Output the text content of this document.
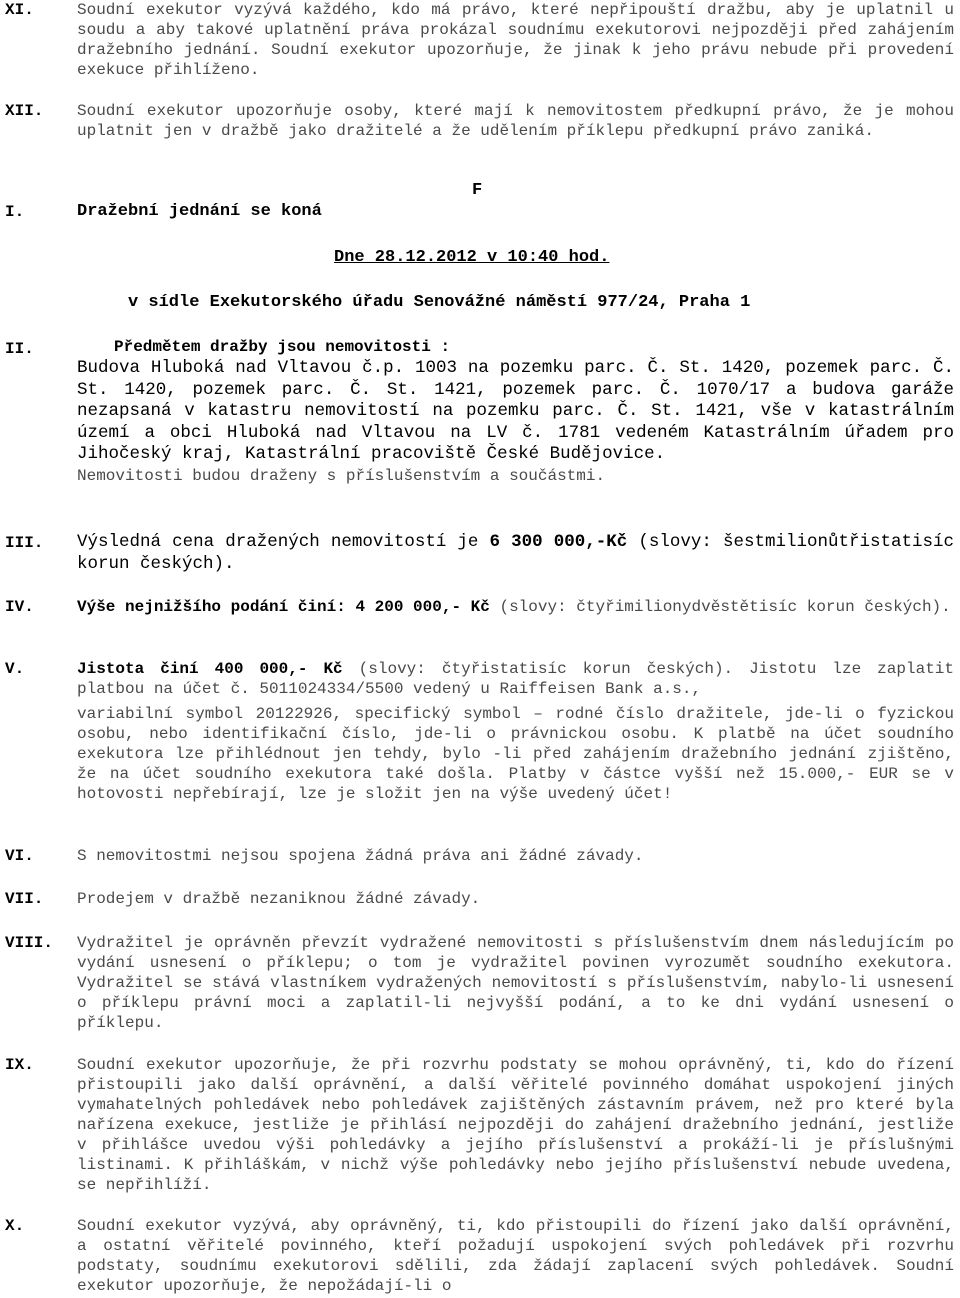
XI.	Soudní exekutor vyzývá každého, kdo má právo, které nepřipouští dražbu, aby je uplatnil u soudu a aby takové uplatnění práva prokázal soudnímu exekutorovi nejpozději před zahájením dražebního jednání. Soudní exekutor upozorňuje, že jinak k jeho právu nebude při provedení exekuce přihlíženo.
XII. Soudní exekutor upozorňuje osoby, které mají k nemovitostem předkupní právo, že je mohou uplatnit jen v dražbě jako dražitelé a že udělením příklepu předkupní právo zaniká.
F
I.	Dražební jednání se koná
Dne 28.12.2012 v 10:40 hod.
v sídle Exekutorského úřadu Senovážné náměstí 977/24, Praha 1
II.	Předmětem dražby jsou nemovitosti :
Budova Hluboká nad Vltavou č.p. 1003 na pozemku parc. Č. St. 1420, pozemek parc. Č. St. 1420, pozemek parc. Č. St. 1421, pozemek parc. Č. 1070/17 a budova garáže nezapsaná v katastru nemovitostí na pozemku parc. Č. St. 1421, vše v katastrálním území a obci Hluboká nad Vltavou na LV č. 1781 vedeném Katastrálním úřadem pro Jihočeský kraj, Katastrální pracoviště České Budějovice.
Nemovitosti budou draženy s příslušenstvím a součástmi.
III. Výsledná cena dražených nemovitostí je 6 300 000,-Kč (slovy: šestmilionůtřistatisíc korun českých).
IV.	Výše nejnižšího podání činí: 4 200 000,- Kč (slovy: čtyřimilionydvěstětisíc korun českých).
V.	Jistota činí 400 000,- Kč (slovy: čtyřistatisíc korun českých). Jistotu lze zaplatit platbou na účet č. 5011024334/5500 vedený u Raiffeisen Bank a.s.,
variabilní symbol 20122926, specifický symbol – rodné číslo dražitele, jde-li o fyzickou osobu, nebo identifikační číslo, jde-li o právnickou osobu. K platbě na účet soudního exekutora lze přihlédnout jen tehdy, bylo -li před zahájením dražebního jednání zjištěno, že na účet soudního exekutora také došla. Platby v částce vyšší než 15.000,- EUR se v hotovosti nepřebírají, lze je složit jen na výše uvedený účet!
VI.	S nemovitostmi nejsou spojena žádná práva ani žádné závady.
VII. Prodejem v dražbě nezaniknou žádné závady.
VIII. Vydražitel je oprávněn převzít vydražené nemovitosti s příslušenstvím dnem následujícím po vydání usnesení o příklepu; o tom je vydražitel povinen vyrozumět soudního exekutora. Vydražitel se stává vlastníkem vydražených nemovitostí s příslušenstvím, nabylo-li usnesení o příklepu právní moci a zaplatil-li nejvyšší podání, a to ke dni vydání usnesení o příklepu.
IX.	Soudní exekutor upozorňuje, že při rozvrhu podstaty se mohou oprávněný, ti, kdo do řízení přistoupili jako další oprávnění, a další věřitelé povinného domáhat uspokojení jiných vymahatelných pohledávek nebo pohledávek zajištěných zástavním právem, než pro které byla nařízena exekuce, jestliže je přihlásí nejpozději do zahájení dražebního jednání, jestliže v přihlášce uvedou výši pohledávky a jejího příslušenství a prokáží-li je příslušnými listinami. K přihláškám, v nichž výše pohledávky nebo jejího příslušenství nebude uvedena, se nepřihlíží.
X.	Soudní exekutor vyzývá, aby oprávněný, ti, kdo přistoupili do řízení jako další oprávnění, a ostatní věřitelé povinného, kteří požadují uspokojení svých pohledávek při rozvrhu podstaty, soudnímu exekutorovi sdělili, zda žádají zaplacení svých pohledávek. Soudní exekutor upozorňuje, že nepožádají-li o
